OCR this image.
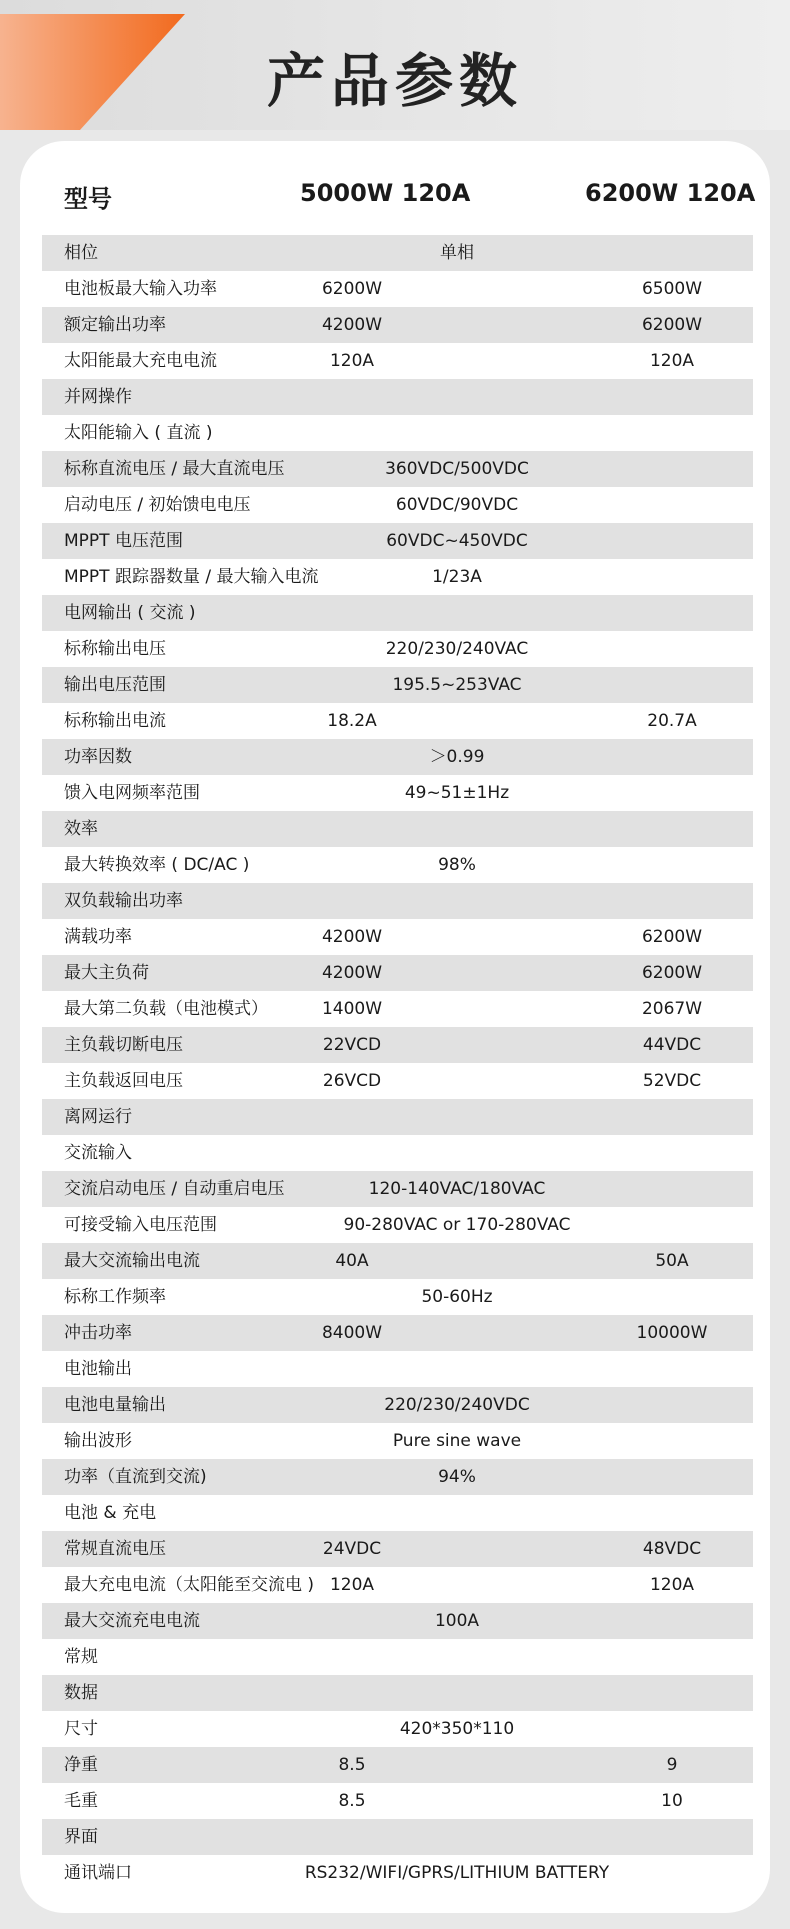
产品参数
型号	5000W 120A	6200W 120A
相位	单相
电池板最大输入功率	6200W	6500W
额定输出功率	4200W	6200W
太阳能最大充电电流	120A	120A
并网操作
太阳能输入 ( 直流 )
标称直流电压 / 最大直流电压	360VDC/500VDC
启动电压 / 初始馈电电压	60VDC/90VDC
MPPT 电压范围	60VDC~450VDC
MPPT 跟踪器数量 / 最大输入电流	1/23A
电网输出 ( 交流 )
标称输出电压	220/230/240VAC
输出电压范围	195.5~253VAC
标称输出电流	18.2A	20.7A
功率因数	＞0.99
馈入电网频率范围	49~51±1Hz
效率
最大转换效率 ( DC/AC )	98%
双负载输出功率
满载功率	4200W	6200W
最大主负荷	4200W	6200W
最大第二负载（电池模式）	1400W	2067W
主负载切断电压	22VCD	44VDC
主负载返回电压	26VCD	52VDC
离网运行
交流输入
交流启动电压 / 自动重启电压	120-140VAC/180VAC
可接受输入电压范围	90-280VAC or 170-280VAC
最大交流输出电流	40A	50A
标称工作频率	50-60Hz
冲击功率	8400W	10000W
电池输出
电池电量输出	220/230/240VDC
输出波形	Pure sine wave
功率（直流到交流)	94%
电池 & 充电
常规直流电压	24VDC	48VDC
最大充电电流（太阳能至交流电 ) 120A	120A
最大交流充电电流	100A
常规
数据
尺寸	420*350*110
净重	8.5	9
毛重	8.5	10
界面
通讯端口	RS232/WIFI/GPRS/LITHIUM BATTERY
